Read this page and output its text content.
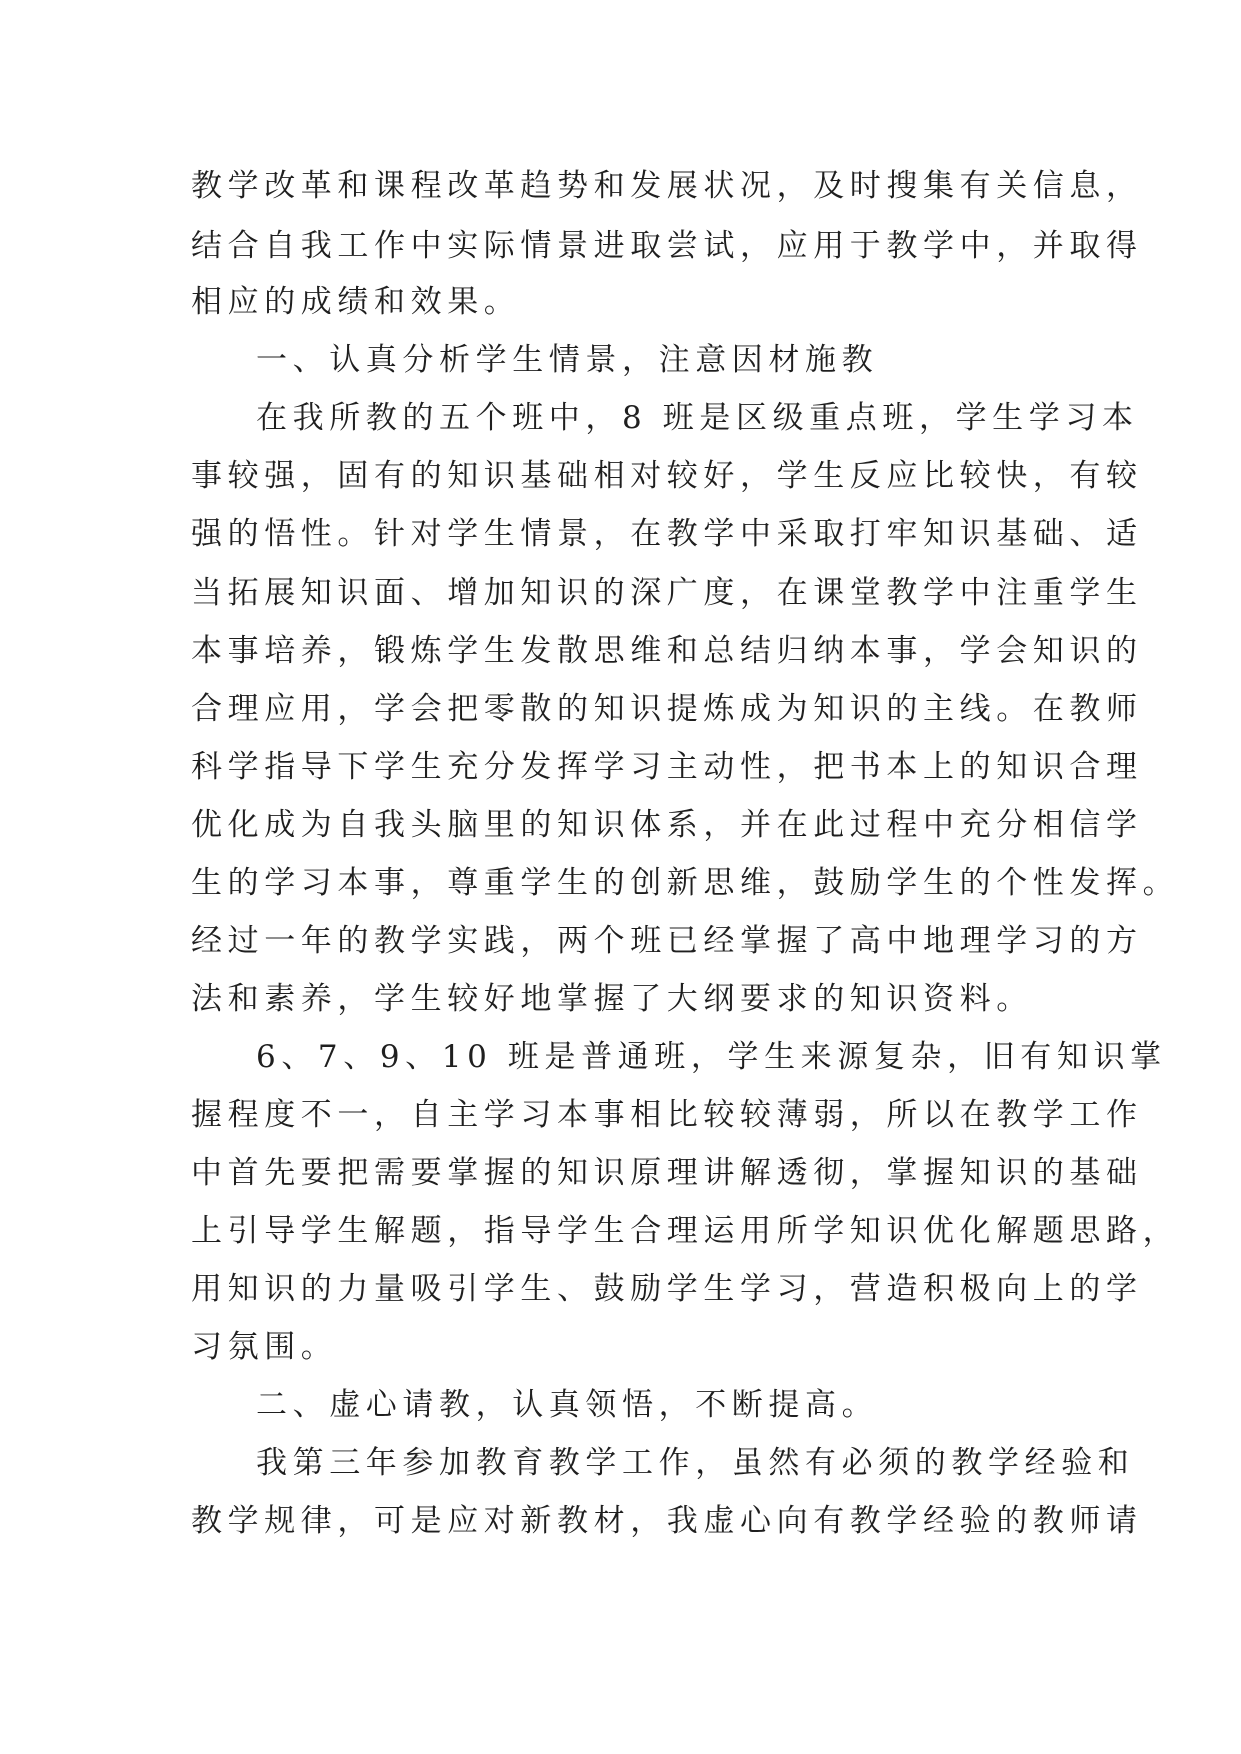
教学改革和课程改革趋势和发展状况，及时搜集有关信息，
结合自我工作中实际情景进取尝试，应用于教学中，并取得
相应的成绩和效果。
一、认真分析学生情景，注意因材施教
在我所教的五个班中，8 班是区级重点班，学生学习本
事较强，固有的知识基础相对较好，学生反应比较快，有较
强的悟性。针对学生情景，在教学中采取打牢知识基础、适
当拓展知识面、增加知识的深广度，在课堂教学中注重学生
本事培养，锻炼学生发散思维和总结归纳本事，学会知识的
合理应用，学会把零散的知识提炼成为知识的主线。在教师
科学指导下学生充分发挥学习主动性，把书本上的知识合理
优化成为自我头脑里的知识体系，并在此过程中充分相信学
生的学习本事，尊重学生的创新思维，鼓励学生的个性发挥。
经过一年的教学实践，两个班已经掌握了高中地理学习的方
法和素养，学生较好地掌握了大纲要求的知识资料。
6、7、9、10 班是普通班，学生来源复杂，旧有知识掌
握程度不一，自主学习本事相比较较薄弱，所以在教学工作
中首先要把需要掌握的知识原理讲解透彻，掌握知识的基础
上引导学生解题，指导学生合理运用所学知识优化解题思路，
用知识的力量吸引学生、鼓励学生学习，营造积极向上的学
习氛围。
二、虚心请教，认真领悟，不断提高。
我第三年参加教育教学工作，虽然有必须的教学经验和
教学规律，可是应对新教材，我虚心向有教学经验的教师请
